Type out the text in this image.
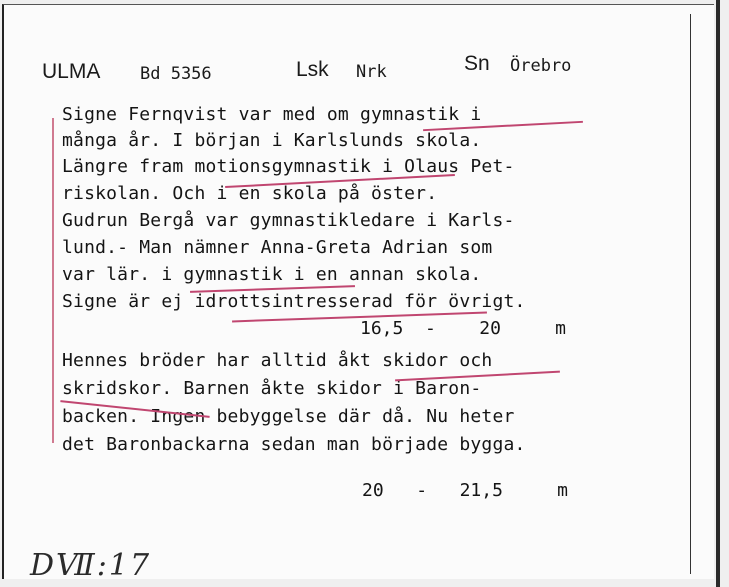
ULMA Bd 5356	Lsk Nrk	Sn Örebro
Signe Fernqvist var med om gymnastik i
många år. I början i Karlslunds skola.
Längre fram motionsgymnastik i Olaus Pet-
riskolan. Och i en skola på öster.
Gudrun Bergå var gymnastikledare i Karls-
lund.- Man nämner Anna-Greta Adrian som
var lär. i gymnastik i en annan skola.
Signe är ej idrottsintresserad för övrigt.
16,5 - 20	m
Hennes bröder har alltid åkt skidor och
skridskor. Barnen åkte skidor i Baron-
backen. Ingen bebyggelse där då. Nu heter
det Baronbackarna sedan man började bygga.
20 - 21,5	m
DⅦ:17
